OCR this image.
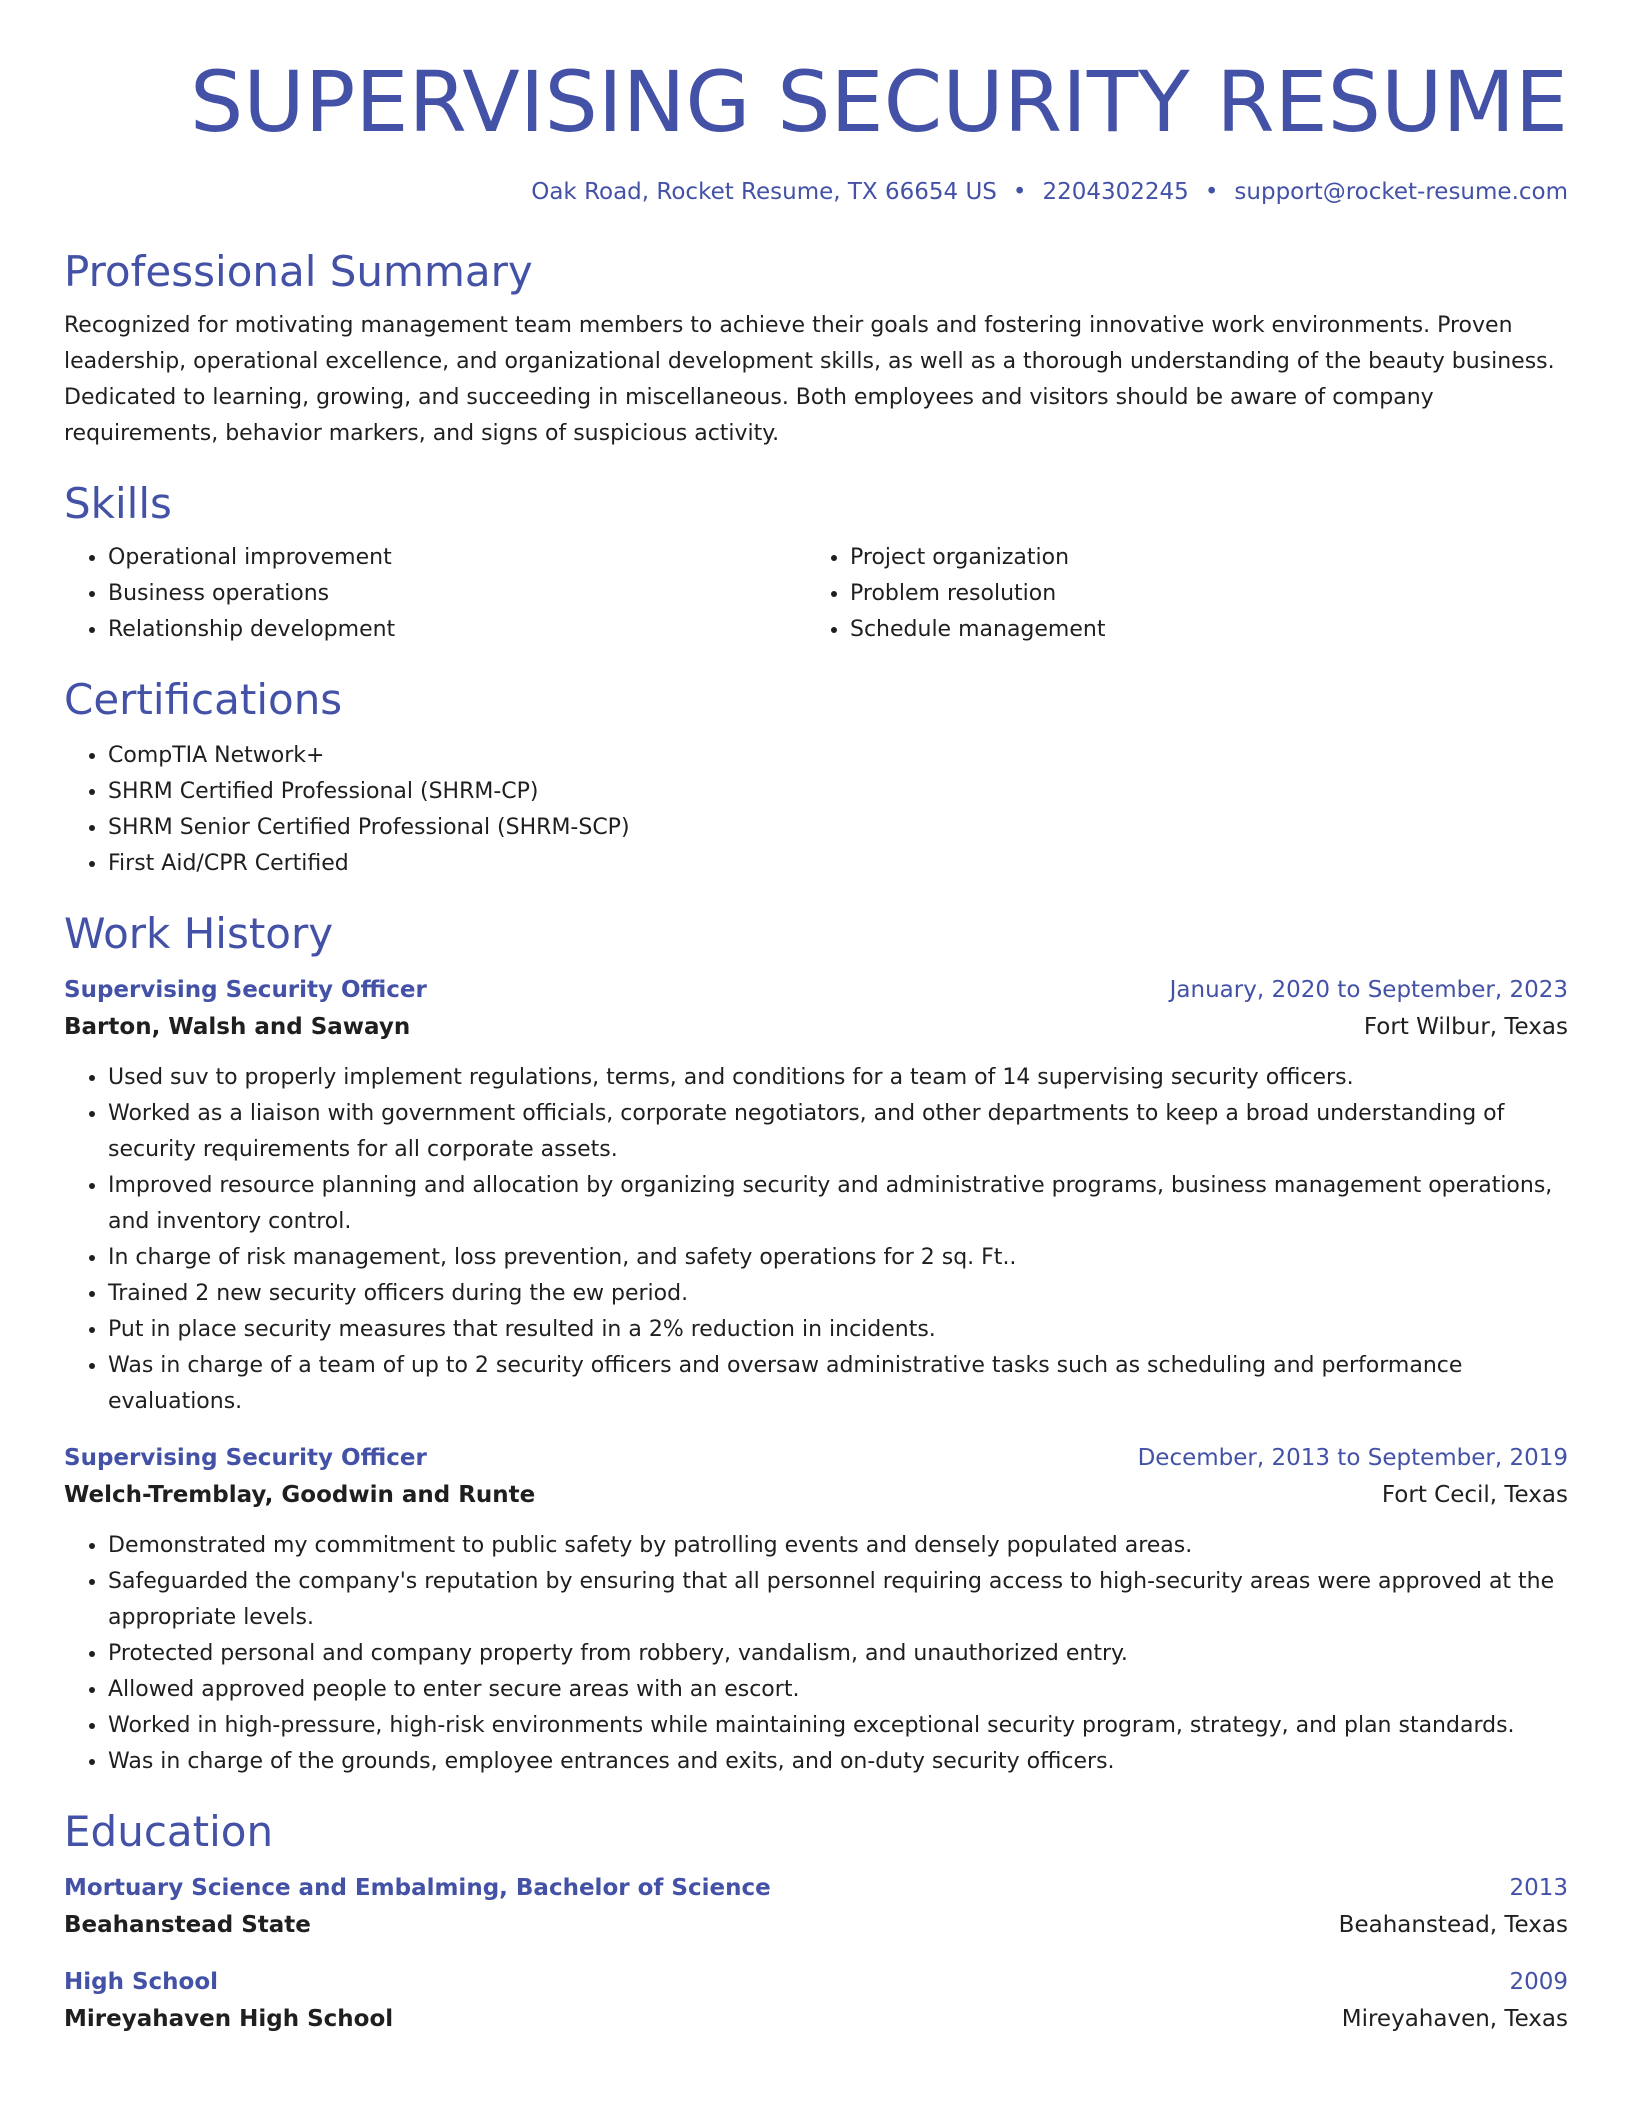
SUPERVISING SECURITY RESUME
Oak Road, Rocket Resume, TX 66654 US • 2204302245 • support@rocket-resume.com
Professional Summary

Recognized for motivating management team members to achieve their goals and fostering innovative work environments. Proven leadership, operational excellence, and organizational development skills, as well as a thorough understanding of the beauty business. Dedicated to learning, growing, and succeeding in miscellaneous. Both employees and visitors should be aware of company requirements, behavior markers, and signs of suspicious activity.

Skills
• Operational improvement
• Business operations
• Relationship development
• Project organization
• Problem resolution
• Schedule management
Certifications
• CompTIA Network+
• SHRM Certified Professional (SHRM-CP)
• SHRM Senior Certified Professional (SHRM-SCP)
• First Aid/CPR Certified
Work History
Supervising Security Officer	January, 2020 to September, 2023
Barton, Walsh and Sawayn	Fort Wilbur, Texas
• Used suv to properly implement regulations, terms, and conditions for a team of 14 supervising security officers.
• Worked as a liaison with government officials, corporate negotiators, and other departments to keep a broad understanding of security requirements for all corporate assets.
• Improved resource planning and allocation by organizing security and administrative programs, business management operations, and inventory control.
• In charge of risk management, loss prevention, and safety operations for 2 sq. Ft..
• Trained 2 new security officers during the ew period.
• Put in place security measures that resulted in a 2% reduction in incidents.
• Was in charge of a team of up to 2 security officers and oversaw administrative tasks such as scheduling and performance evaluations.
Supervising Security Officer	December, 2013 to September, 2019
Welch-Tremblay, Goodwin and Runte	Fort Cecil, Texas
• Demonstrated my commitment to public safety by patrolling events and densely populated areas.
• Safeguarded the company's reputation by ensuring that all personnel requiring access to high-security areas were approved at the appropriate levels.
• Protected personal and company property from robbery, vandalism, and unauthorized entry.
• Allowed approved people to enter secure areas with an escort.
• Worked in high-pressure, high-risk environments while maintaining exceptional security program, strategy, and plan standards.
• Was in charge of the grounds, employee entrances and exits, and on-duty security officers.
Education
Mortuary Science and Embalming, Bachelor of Science	2013
Beahanstead State	Beahanstead, Texas
High School	2009
Mireyahaven High School	Mireyahaven, Texas
